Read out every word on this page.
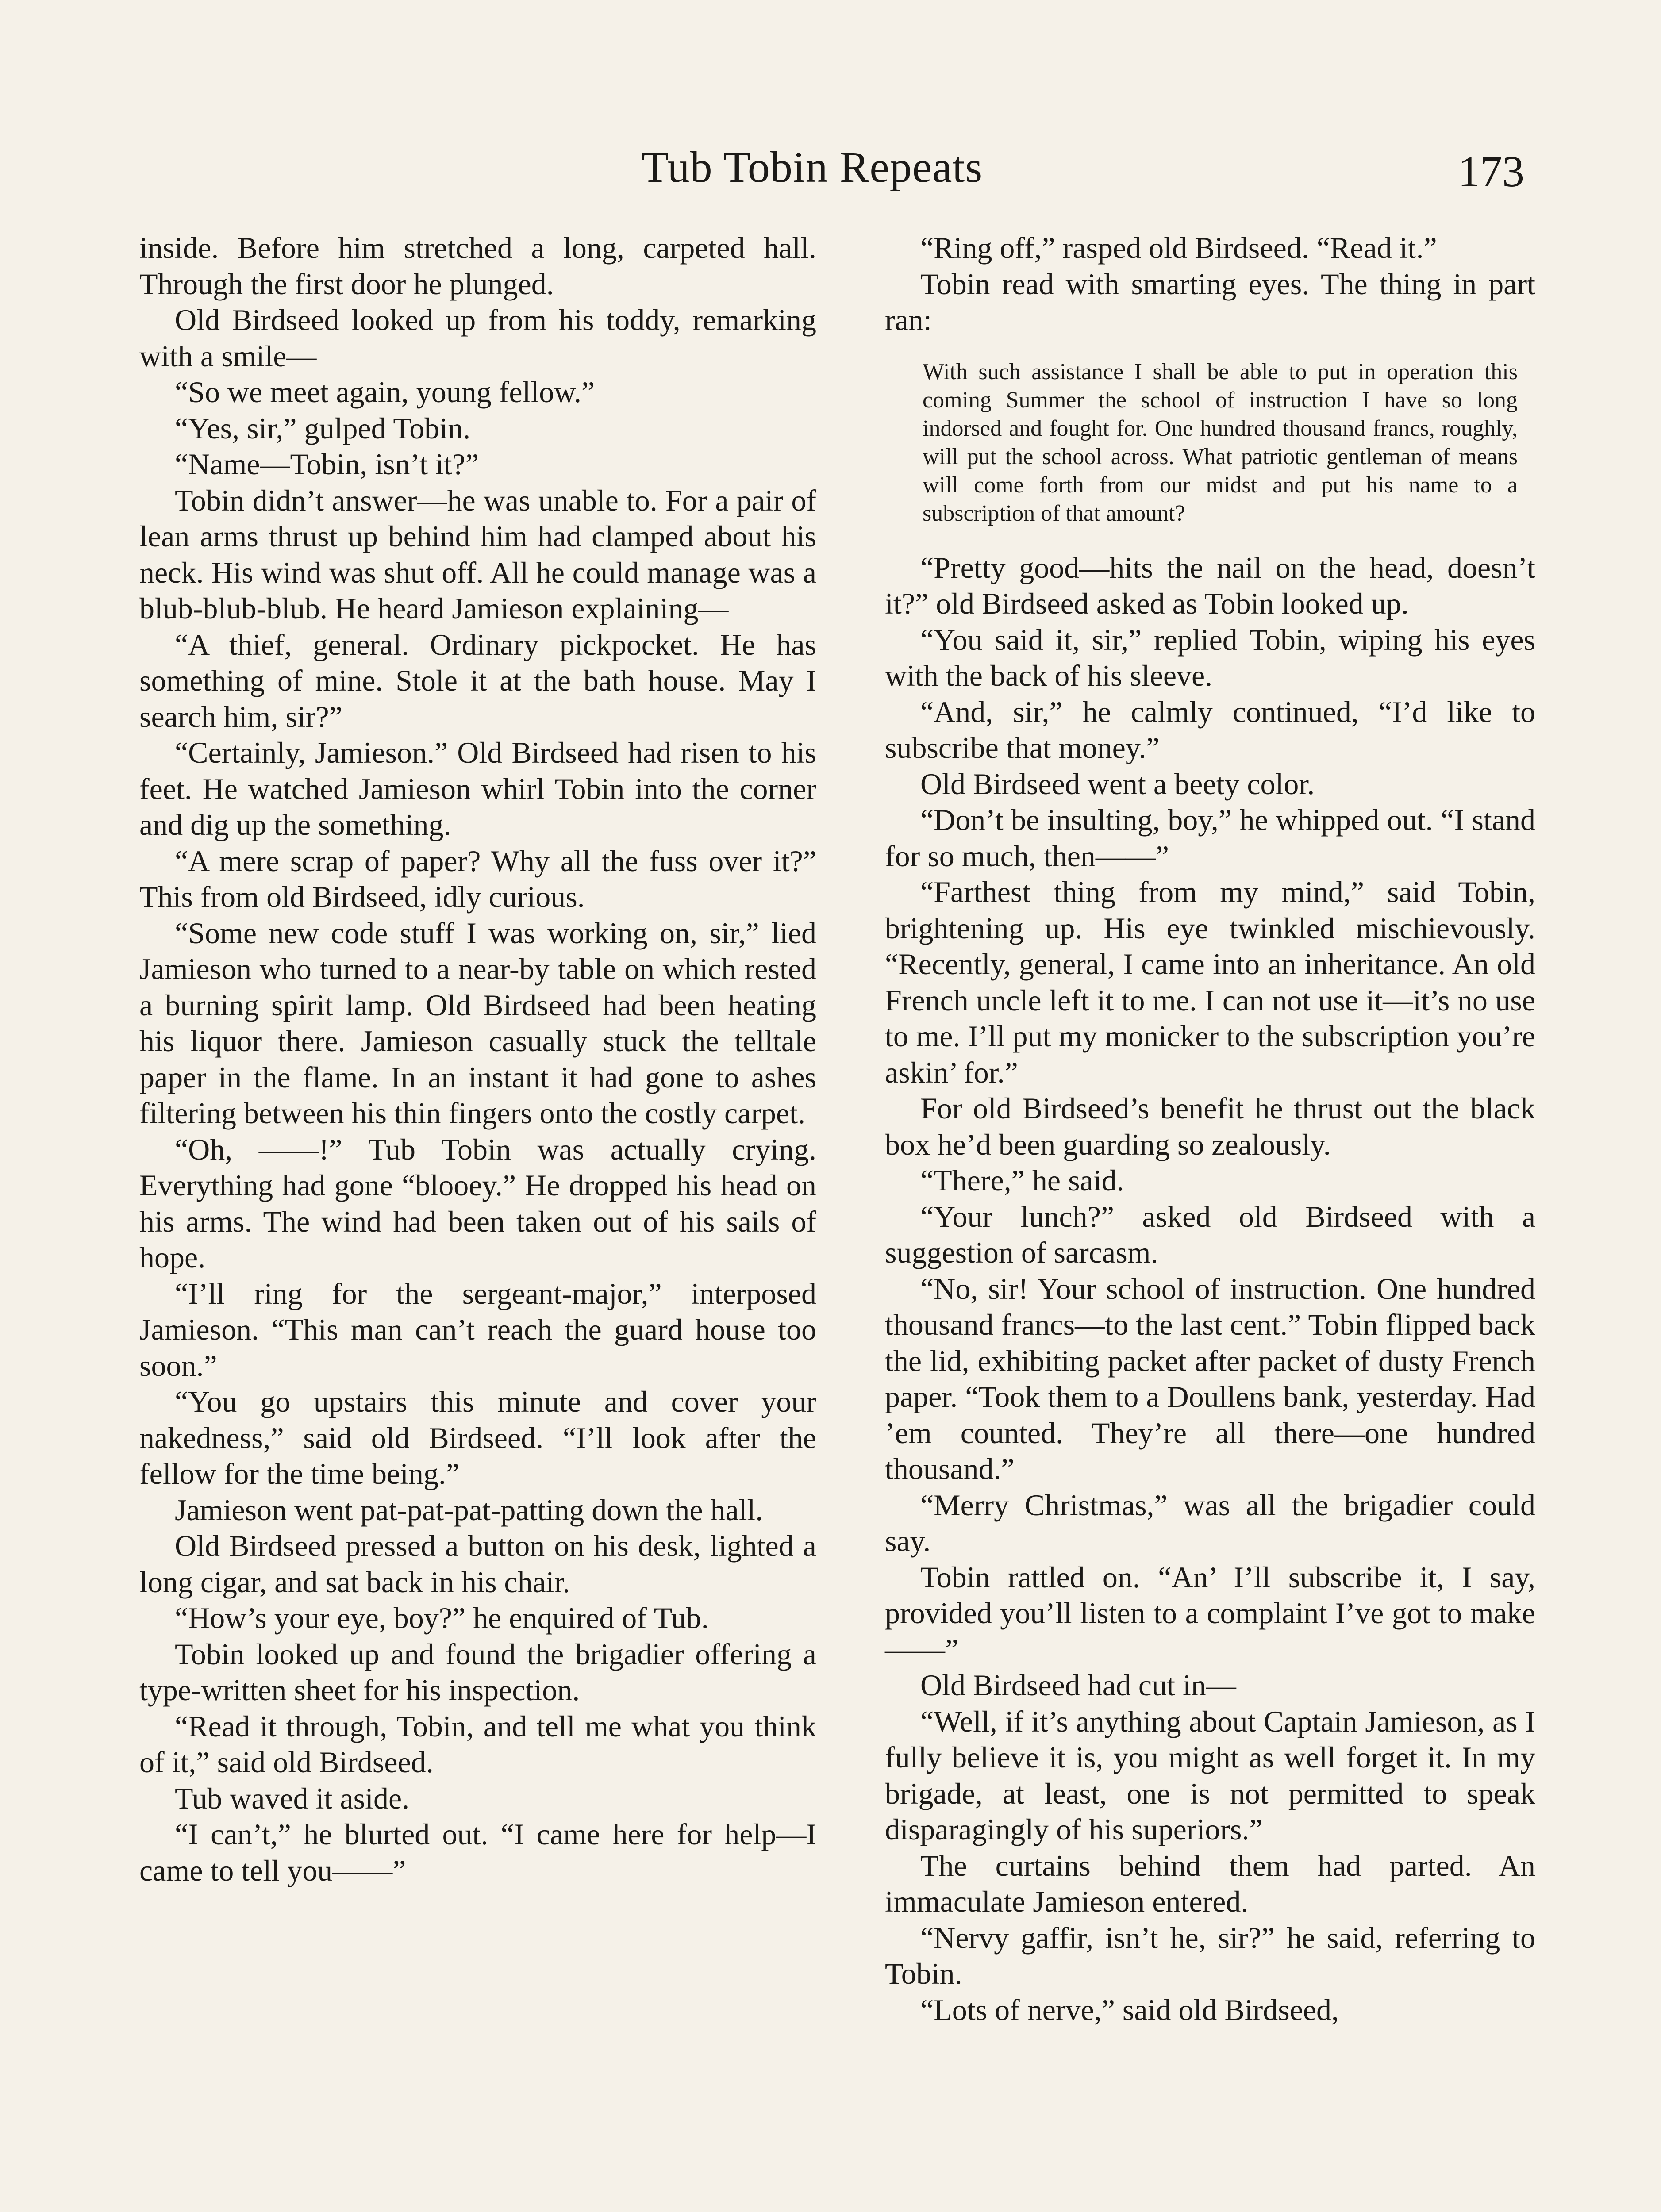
Tub Tobin Repeats	173

inside. Before him stretched a long, carpeted hall. Through the first door he plunged.

Old Birdseed looked up from his toddy, remarking with a smile—

“So we meet again, young fellow.”

“Yes, sir,” gulped Tobin.

“Name—Tobin, isn’t it?”

Tobin didn’t answer—he was unable to. For a pair of lean arms thrust up behind him had clamped about his neck. His wind was shut off. All he could manage was a blub-blub-blub. He heard Jamieson explaining—

“A thief, general. Ordinary pickpocket. He has something of mine. Stole it at the bath house. May I search him, sir?”

“Certainly, Jamieson.” Old Birdseed had risen to his feet. He watched Jamieson whirl Tobin into the corner and dig up the something.

“A mere scrap of paper? Why all the fuss over it?” This from old Birdseed, idly curious.

“Some new code stuff I was working on, sir,” lied Jamieson who turned to a near-by table on which rested a burning spirit lamp. Old Birdseed had been heating his liquor there. Jamieson casually stuck the telltale paper in the flame. In an instant it had gone to ashes filtering between his thin fingers onto the costly carpet.

“Oh, ——!” Tub Tobin was actually crying. Everything had gone “blooey.” He dropped his head on his arms. The wind had been taken out of his sails of hope.

“I’ll ring for the sergeant-major,” interposed Jamieson. “This man can’t reach the guard house too soon.”

“You go upstairs this minute and cover your nakedness,” said old Birdseed. “I’ll look after the fellow for the time being.”

Jamieson went pat-pat-pat-patting down the hall.

Old Birdseed pressed a button on his desk, lighted a long cigar, and sat back in his chair.

“How’s your eye, boy?” he enquired of Tub.

Tobin looked up and found the brigadier offering a type-written sheet for his inspection.

“Read it through, Tobin, and tell me what you think of it,” said old Birdseed.

Tub waved it aside.

“I can’t,” he blurted out. “I came here for help—I came to tell you——”

“Ring off,” rasped old Birdseed. “Read it.”

Tobin read with smarting eyes. The thing in part ran:

With such assistance I shall be able to put in operation this coming Summer the school of instruction I have so long indorsed and fought for. One hundred thousand francs, roughly, will put the school across. What patriotic gentleman of means will come forth from our midst and put his name to a subscription of that amount?

“Pretty good—hits the nail on the head, doesn’t it?” old Birdseed asked as Tobin looked up.

“You said it, sir,” replied Tobin, wiping his eyes with the back of his sleeve.

“And, sir,” he calmly continued, “I’d like to subscribe that money.”

Old Birdseed went a beety color.

“Don’t be insulting, boy,” he whipped out. “I stand for so much, then——”

“Farthest thing from my mind,” said Tobin, brightening up. His eye twinkled mischievously. “Recently, general, I came into an inheritance. An old French uncle left it to me. I can not use it—it’s no use to me. I’ll put my monicker to the subscription you’re askin’ for.”

For old Birdseed’s benefit he thrust out the black box he’d been guarding so zealously.

“There,” he said.

“Your lunch?” asked old Birdseed with a suggestion of sarcasm.

“No, sir! Your school of instruction. One hundred thousand francs—to the last cent.” Tobin flipped back the lid, exhibiting packet after packet of dusty French paper. “Took them to a Doullens bank, yesterday. Had ’em counted. They’re all there—one hundred thousand.”

“Merry Christmas,” was all the brigadier could say.

Tobin rattled on. “An’ I’ll subscribe it, I say, provided you’ll listen to a complaint I’ve got to make——”

Old Birdseed had cut in—

“Well, if it’s anything about Captain Jamieson, as I fully believe it is, you might as well forget it. In my brigade, at least, one is not permitted to speak disparagingly of his superiors.”

The curtains behind them had parted. An immaculate Jamieson entered.

“Nervy gaffir, isn’t he, sir?” he said, referring to Tobin.

“Lots of nerve,” said old Birdseed,
